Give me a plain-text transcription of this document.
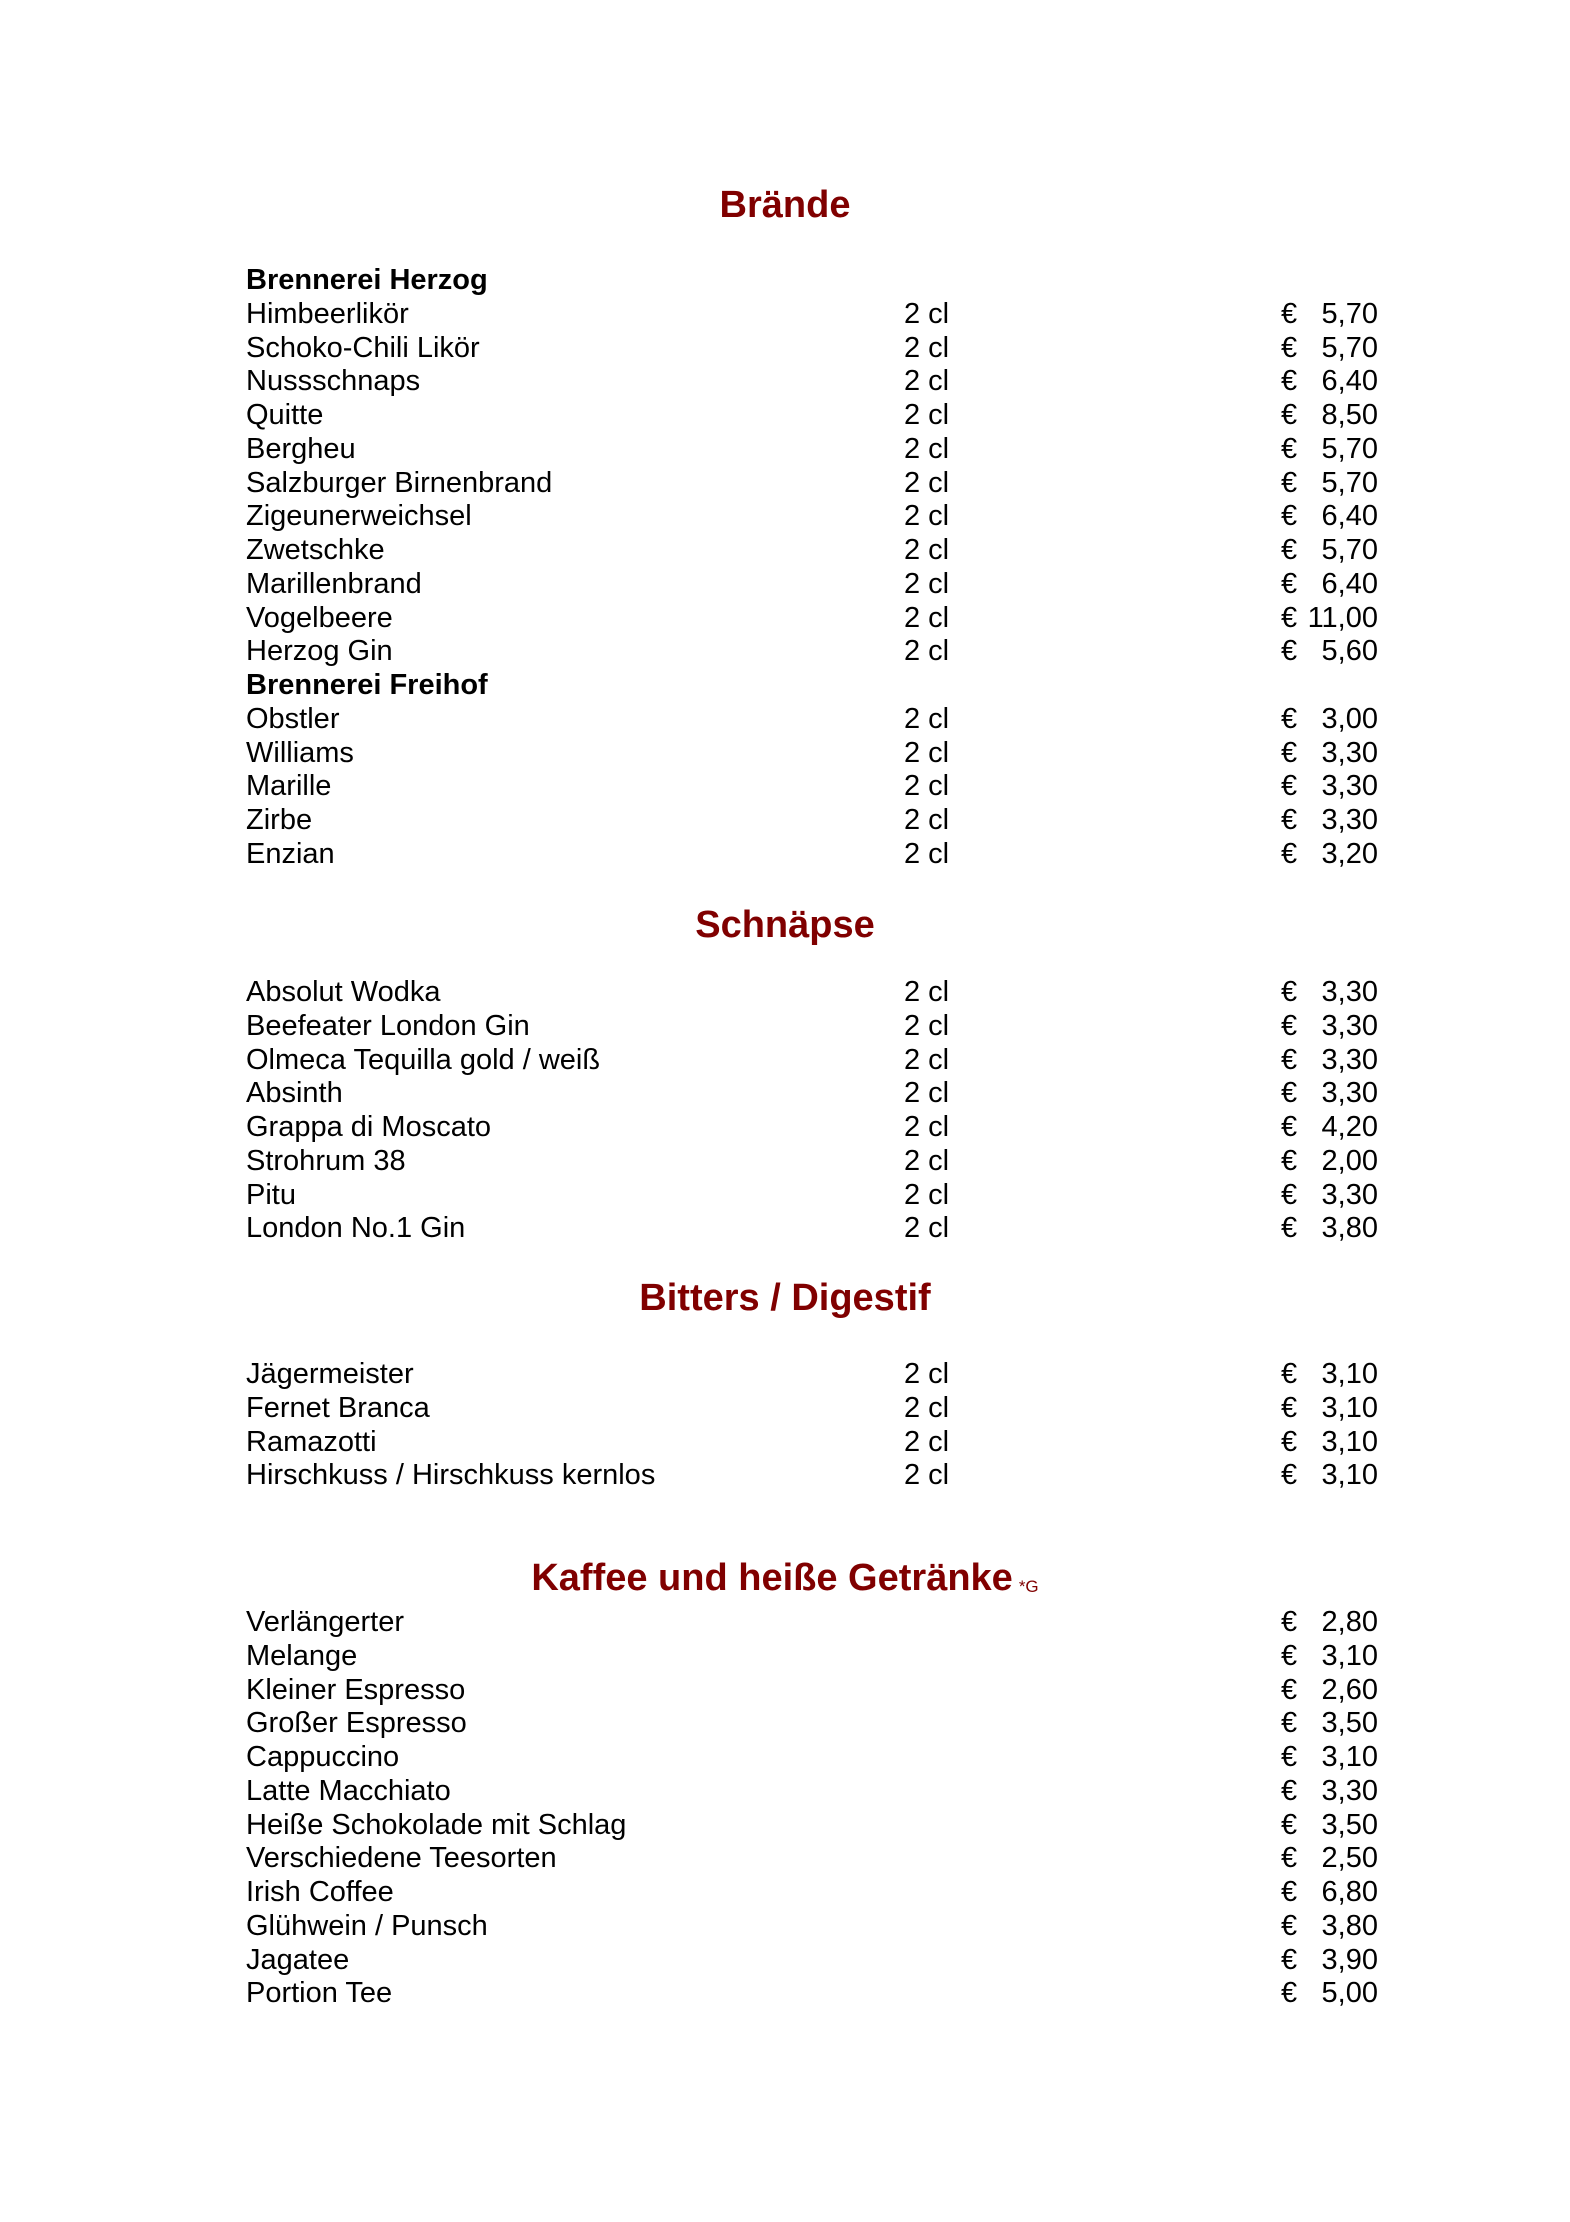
Brände
Brennerei Herzog
Himbeerlikör	2 cl	€ 5,70
Schoko-Chili Likör	2 cl	€ 5,70
Nussschnaps	2 cl	€ 6,40
Quitte	2 cl	€ 8,50
Bergheu	2 cl	€ 5,70
Salzburger Birnenbrand	2 cl	€ 5,70
Zigeunerweichsel	2 cl	€ 6,40
Zwetschke	2 cl	€ 5,70
Marillenbrand	2 cl	€ 6,40
Vogelbeere	2 cl	€ 11,00
Herzog Gin	2 cl	€ 5,60
Brennerei Freihof
Obstler	2 cl	€ 3,00
Williams	2 cl	€ 3,30
Marille	2 cl	€ 3,30
Zirbe	2 cl	€ 3,30
Enzian	2 cl	€ 3,20
Schnäpse
Absolut Wodka	2 cl	€ 3,30
Beefeater London Gin	2 cl	€ 3,30
Olmeca Tequilla gold / weiß	2 cl	€ 3,30
Absinth	2 cl	€ 3,30
Grappa di Moscato	2 cl	€ 4,20
Strohrum 38	2 cl	€ 2,00
Pitu	2 cl	€ 3,30
London No.1 Gin	2 cl	€ 3,80
Bitters / Digestif
Jägermeister	2 cl	€ 3,10
Fernet Branca	2 cl	€ 3,10
Ramazotti	2 cl	€ 3,10
Hirschkuss / Hirschkuss kernlos	2 cl	€ 3,10
Kaffee und heiße Getränke *G
Verlängerter	€ 2,80
Melange	€ 3,10
Kleiner Espresso	€ 2,60
Großer Espresso	€ 3,50
Cappuccino	€ 3,10
Latte Macchiato	€ 3,30
Heiße Schokolade mit Schlag	€ 3,50
Verschiedene Teesorten	€ 2,50
Irish Coffee	€ 6,80
Glühwein / Punsch	€ 3,80
Jagatee	€ 3,90
Portion Tee	€ 5,00
